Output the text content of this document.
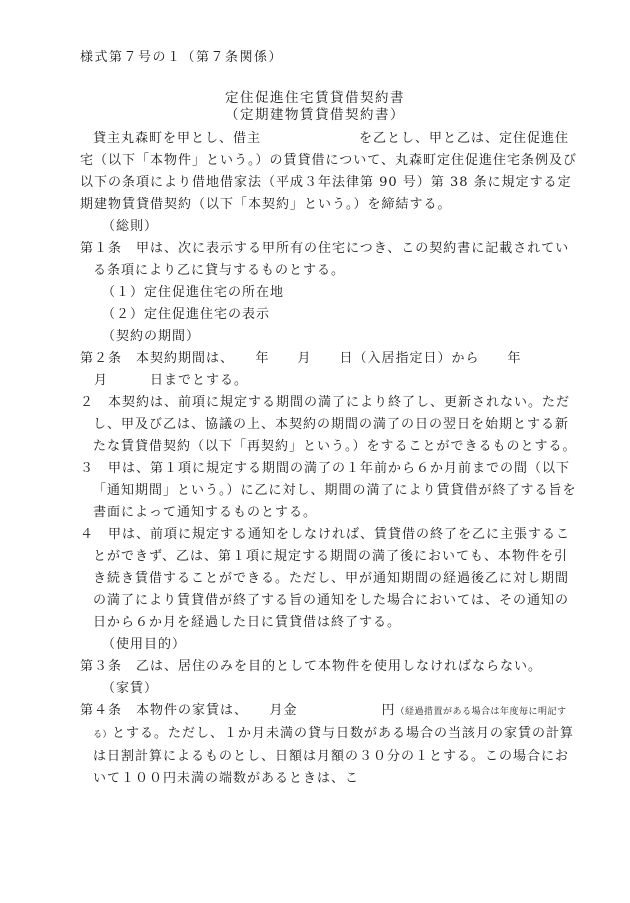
様式第７号の１（第７条関係）
定住促進住宅賃貸借契約書
（定期建物賃貸借契約書）

貸主丸森町を甲とし、借主　　　　　　　を乙とし、甲と乙は、定住促進住宅（以下「本物件」という。）の賃貸借について、丸森町定住促進住宅条例及び以下の条項により借地借家法（平成３年法律第 90 号）第 38 条に規定する定期建物賃貸借契約（以下「本契約」という。）を締結する。

（総則）

第１条　甲は、次に表示する甲所有の住宅につき、この契約書に記載されている条項により乙に貸与するものとする。

（１）定住促進住宅の所在地

（２）定住促進住宅の表示

（契約の期間）

第２条　本契約期間は、　　年　　月　　日（入居指定日）から　　年

月　　　日までとする。

２　本契約は、前項に規定する期間の満了により終了し、更新されない。ただし、甲及び乙は、協議の上、本契約の期間の満了の日の翌日を始期とする新たな賃貸借契約（以下「再契約」という。）をすることができるものとする。

３　甲は、第１項に規定する期間の満了の１年前から６か月前までの間（以下「通知期間」という。）に乙に対し、期間の満了により賃貸借が終了する旨を書面によって通知するものとする。

４　甲は、前項に規定する通知をしなければ、賃貸借の終了を乙に主張することができず、乙は、第１項に規定する期間の満了後においても、本物件を引き続き賃借することができる。ただし、甲が通知期間の経過後乙に対し期間の満了により賃貸借が終了する旨の通知をした場合においては、その通知の日から６か月を経過した日に賃貸借は終了する。

（使用目的）

第３条　乙は、居住のみを目的として本物件を使用しなければならない。

（家賃）

第４条　本物件の家賃は、　　月金　　　　　　円（経過措置がある場合は年度毎に明記する）とする。ただし、１か月未満の貸与日数がある場合の当該月の家賃の計算は日割計算によるものとし、日額は月額の３０分の１とする。この場合において１００円未満の端数があるときは、こ
